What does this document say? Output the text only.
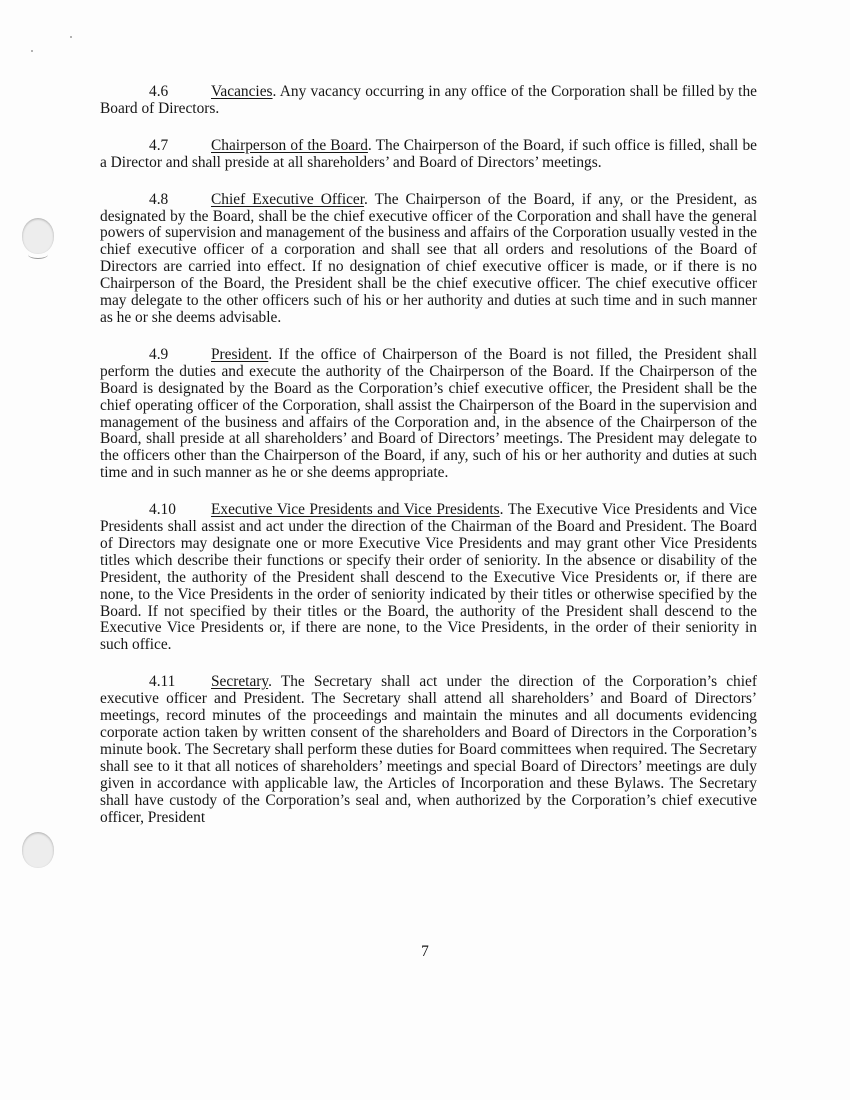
4.6	Vacancies. Any vacancy occurring in any office of the Corporation shall be filled by the Board of Directors.

4.7	Chairperson of the Board. The Chairperson of the Board, if such office is filled, shall be a Director and shall preside at all shareholders’ and Board of Directors’ meetings.

4.8	Chief Executive Officer. The Chairperson of the Board, if any, or the President, as designated by the Board, shall be the chief executive officer of the Corporation and shall have the general powers of supervision and management of the business and affairs of the Corporation usually vested in the chief executive officer of a corporation and shall see that all orders and resolutions of the Board of Directors are carried into effect. If no designation of chief executive officer is made, or if there is no Chairperson of the Board, the President shall be the chief executive officer. The chief executive officer may delegate to the other officers such of his or her authority and duties at such time and in such manner as he or she deems advisable.

4.9	President. If the office of Chairperson of the Board is not filled, the President shall perform the duties and execute the authority of the Chairperson of the Board. If the Chairperson of the Board is designated by the Board as the Corporation’s chief executive officer, the President shall be the chief operating officer of the Corporation, shall assist the Chairperson of the Board in the supervision and management of the business and affairs of the Corporation and, in the absence of the Chairperson of the Board, shall preside at all shareholders’ and Board of Directors’ meetings. The President may delegate to the officers other than the Chairperson of the Board, if any, such of his or her authority and duties at such time and in such manner as he or she deems appropriate.

4.10 Executive Vice Presidents and Vice Presidents. The Executive Vice Presidents and Vice Presidents shall assist and act under the direction of the Chairman of the Board and President. The Board of Directors may designate one or more Executive Vice Presidents and may grant other Vice Presidents titles which describe their functions or specify their order of seniority. In the absence or disability of the President, the authority of the President shall descend to the Executive Vice Presidents or, if there are none, to the Vice Presidents in the order of seniority indicated by their titles or otherwise specified by the Board. If not specified by their titles or the Board, the authority of the President shall descend to the Executive Vice Presidents or, if there are none, to the Vice Presidents, in the order of their seniority in such office.

4.11 Secretary. The Secretary shall act under the direction of the Corporation’s chief executive officer and President. The Secretary shall attend all shareholders’ and Board of Directors’ meetings, record minutes of the proceedings and maintain the minutes and all documents evidencing corporate action taken by written consent of the shareholders and Board of Directors in the Corporation’s minute book. The Secretary shall perform these duties for Board committees when required. The Secretary shall see to it that all notices of shareholders’ meetings and special Board of Directors’ meetings are duly given in accordance with applicable law, the Articles of Incorporation and these Bylaws. The Secretary shall have custody of the Corporation’s seal and, when authorized by the Corporation’s chief executive officer, President

7
